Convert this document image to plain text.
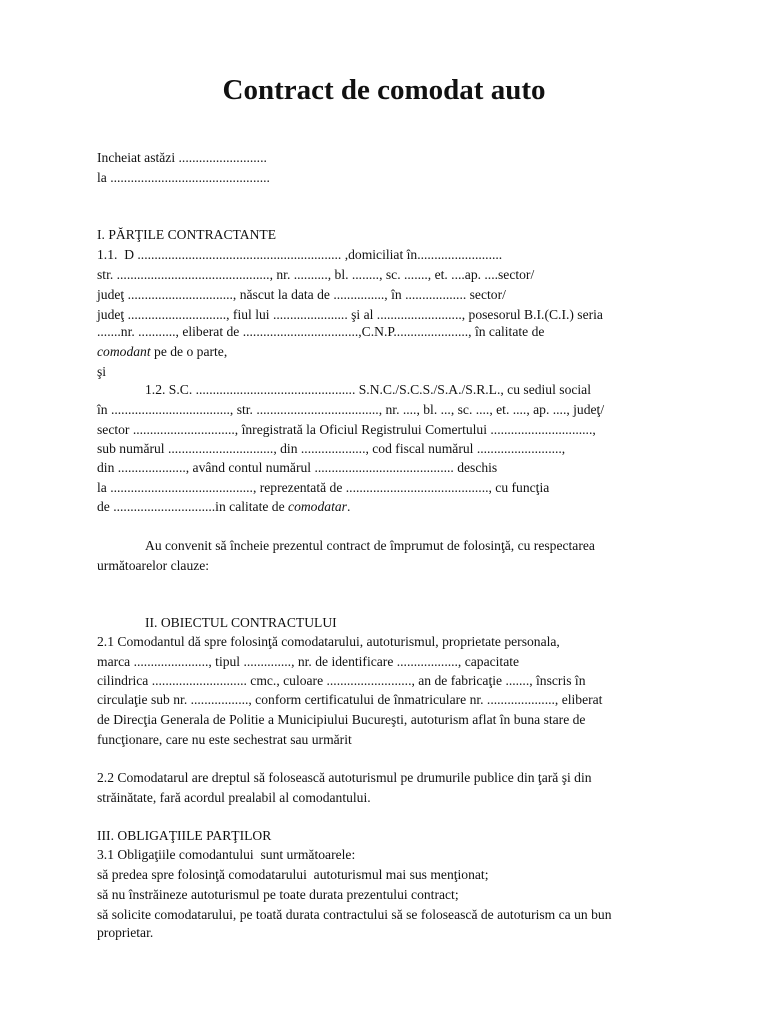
Contract de comodat auto

Incheiat astăzi ..........................

la ...............................................

I. PĂRŢILE CONTRACTANTE

1.1.  D ............................................................ ,domiciliat în.........................

str. ............................................., nr. .........., bl. ........, sc. ......., et. ....ap. ....sector/

judeţ ..............................., născut la data de ..............., în .................. sector/

judeţ ............................., fiul lui ...................... şi al ........................., posesorul B.I.(C.I.) seria

.......nr. ..........., eliberat de ..................................,C.N.P......................, în calitate de

comodant pe de o parte,

şi

1.2. S.C. ............................................... S.N.C./S.C.S./S.A./S.R.L., cu sediul social

în ..................................., str. ...................................., nr. ...., bl. ..., sc. ...., et. ...., ap. ...., judeţ/

sector .............................., înregistrată la Oficiul Registrului Comertului ..............................,

sub numărul ..............................., din ..................., cod fiscal numărul .........................,

din ...................., având contul numărul ......................................... deschis

la .........................................., reprezentată de .........................................., cu funcţia

de ..............................in calitate de comodatar.

Au convenit să încheie prezentul contract de împrumut de folosinţă, cu respectarea

următoarelor clauze:

II. OBIECTUL CONTRACTULUI

2.1 Comodantul dă spre folosinţă comodatarului, autoturismul, proprietate personala,

marca ......................, tipul .............., nr. de identificare .................., capacitate

cilindrica ............................ cmc., culoare ........................., an de fabricaţie ......., înscris în

circulaţie sub nr. ................., conform certificatului de înmatriculare nr. ...................., eliberat

de Direcţia Generala de Politie a Municipiului Bucureşti, autoturism aflat în buna stare de

funcţionare, care nu este sechestrat sau urmărit

2.2 Comodatarul are dreptul să folosească autoturismul pe drumurile publice din ţară şi din

străinătate, fară acordul prealabil al comodantului.

III. OBLIGAŢIILE PARŢILOR

3.1 Obligaţiile comodantului  sunt următoarele:

să predea spre folosinţă comodatarului  autoturismul mai sus menţionat;

să nu înstrăineze autoturismul pe toate durata prezentului contract;

să solicite comodatarului, pe toată durata contractului să se folosească de autoturism ca un bun

proprietar.
